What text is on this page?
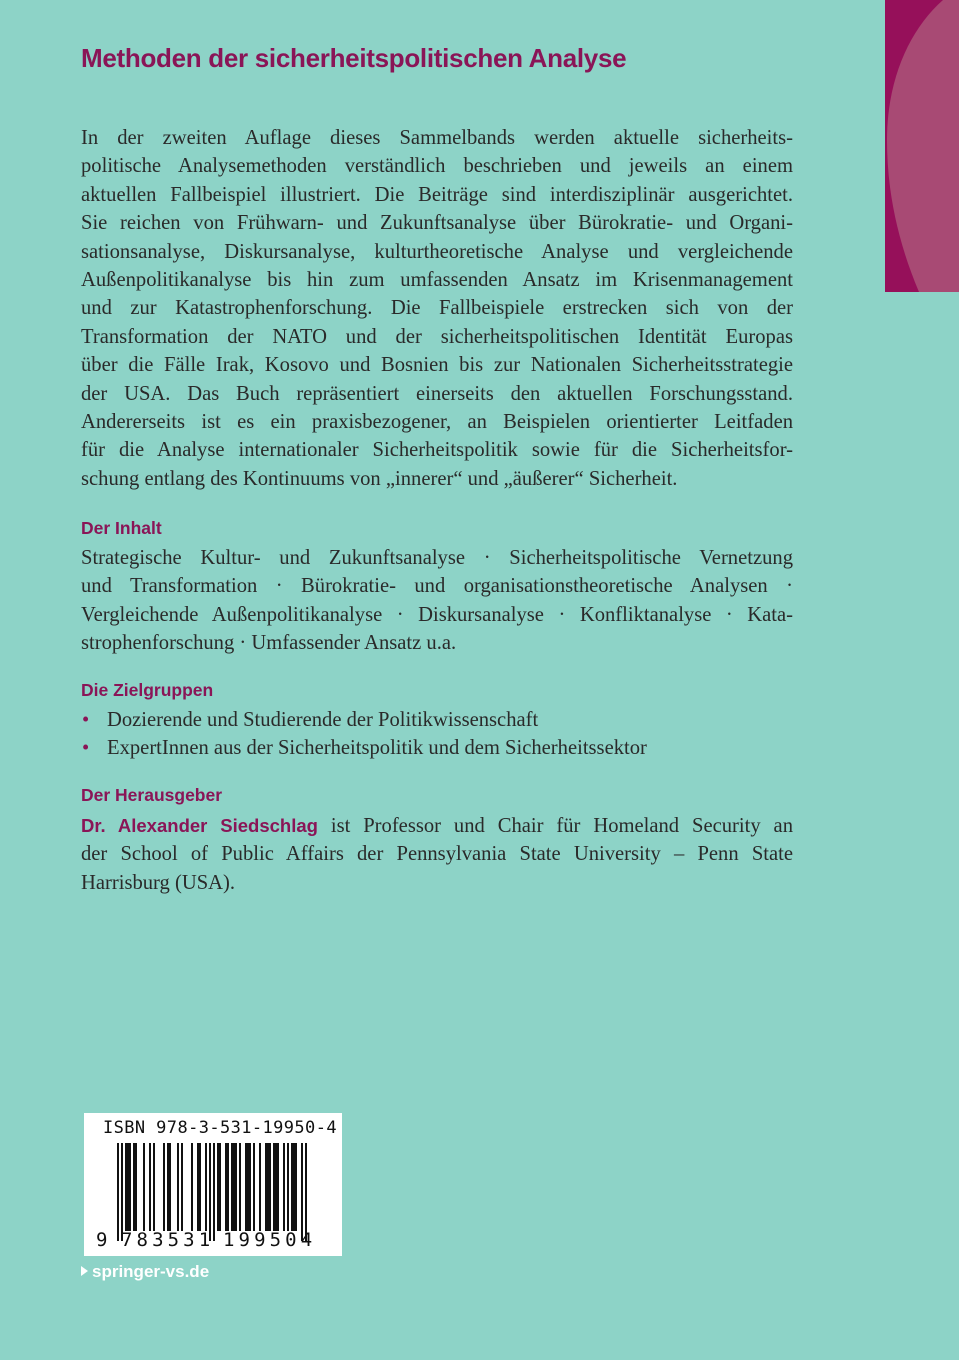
Methoden der sicherheitspolitischen Analyse
In der zweiten Auflage dieses Sammelbands werden aktuelle sicherheits-
politische Analysemethoden verständlich beschrieben und jeweils an einem
aktuellen Fallbeispiel illustriert. Die Beiträge sind interdisziplinär ausgerichtet.
Sie reichen von Frühwarn- und Zukunftsanalyse über Bürokratie- und Organi-
sationsanalyse, Diskursanalyse, kulturtheoretische Analyse und vergleichende
Außenpolitikanalyse bis hin zum umfassenden Ansatz im Krisenmanagement
und zur Katastrophenforschung. Die Fallbeispiele erstrecken sich von der
Transformation der NATO und der sicherheitspolitischen Identität Europas
über die Fälle Irak, Kosovo und Bosnien bis zur Nationalen Sicherheitsstrategie
der USA. Das Buch repräsentiert einerseits den aktuellen Forschungsstand.
Andererseits ist es ein praxisbezogener, an Beispielen orientierter Leitfaden
für die Analyse internationaler Sicherheitspolitik sowie für die Sicherheitsfor-
schung entlang des Kontinuums von „innerer“ und „äußerer“ Sicherheit.
Der Inhalt
Strategische Kultur- und Zukunftsanalyse · Sicherheitspolitische Vernetzung
und Transformation · Bürokratie- und organisationstheoretische Analysen ·
Vergleichende Außenpolitikanalyse · Diskursanalyse · Konfliktanalyse · Kata-
strophenforschung · Umfassender Ansatz u.a.
Die Zielgruppen
• Dozierende und Studierende der Politikwissenschaft
• ExpertInnen aus der Sicherheitspolitik und dem Sicherheitssektor
Der Herausgeber
Dr. Alexander Siedschlag ist Professor und Chair für Homeland Security an
der School of Public Affairs der Pennsylvania State University – Penn State
Harrisburg (USA).
ISBN 978-3-531-19950-4
9 783531 199504
springer-vs.de
